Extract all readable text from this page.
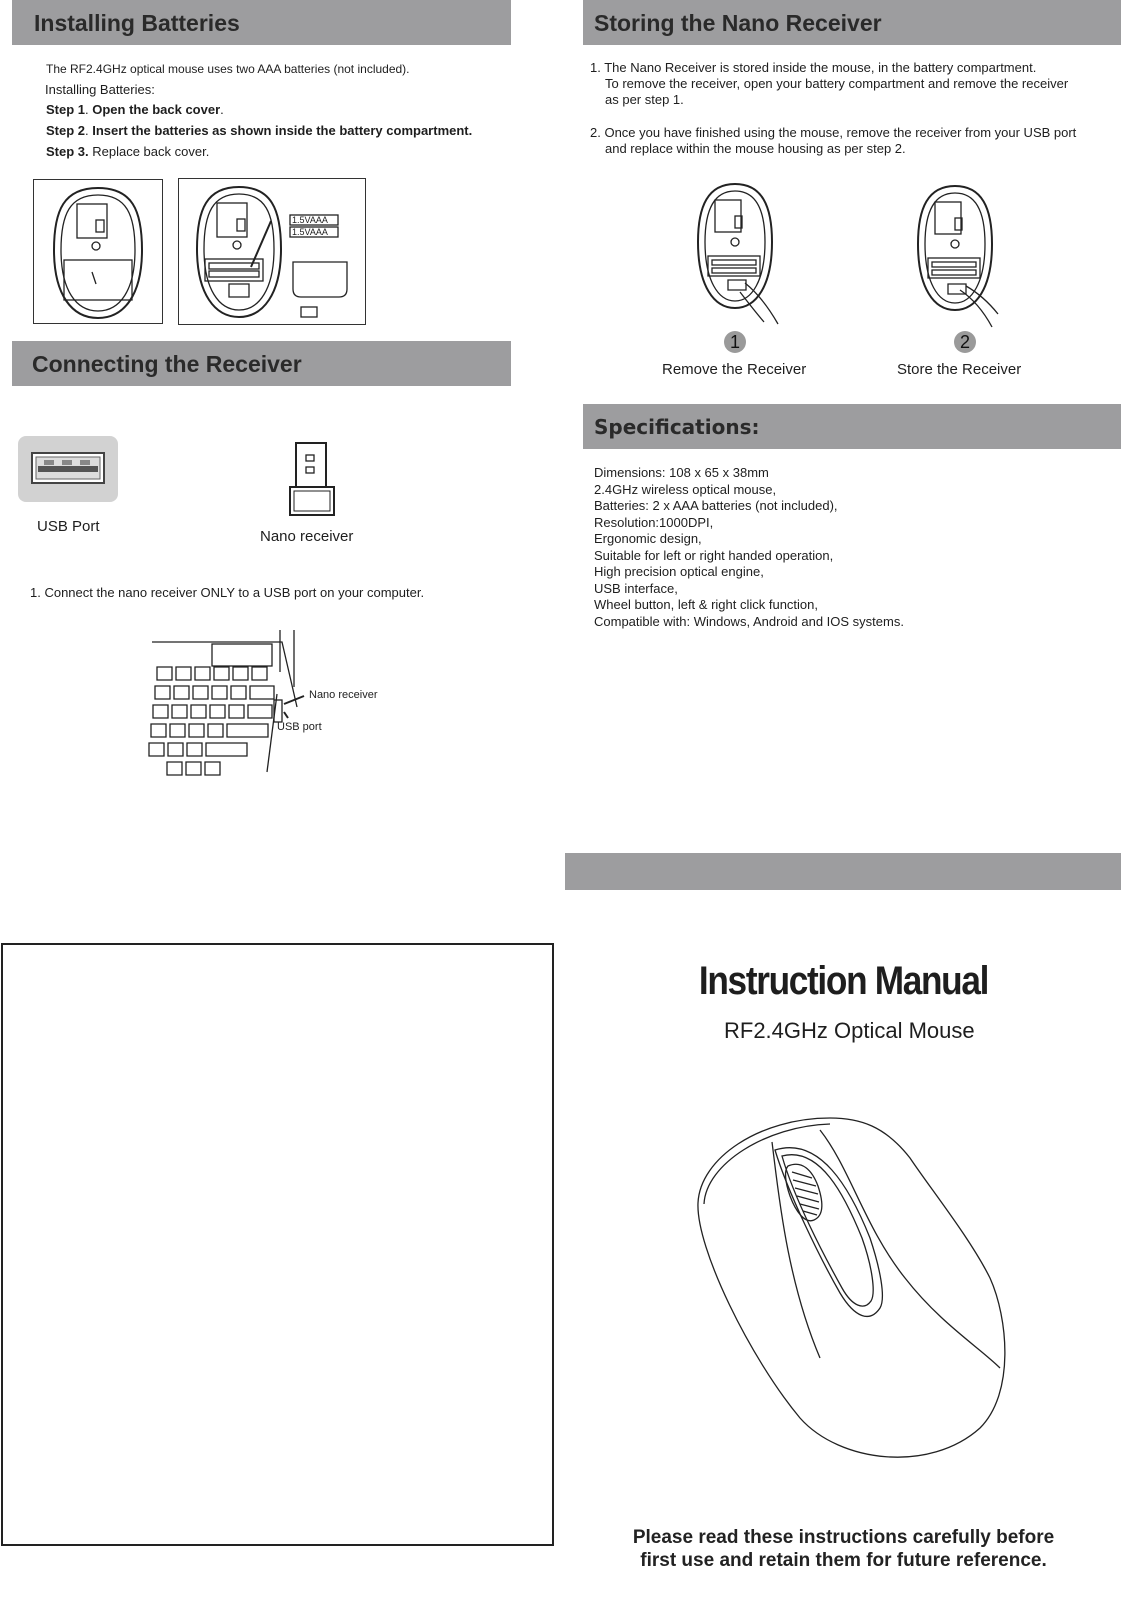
Installing Batteries
The RF2.4GHz optical mouse uses two AAA batteries (not included).
Installing Batteries:
Step 1. Open the back cover.
Step 2. Insert the batteries as shown inside the battery compartment.
Step 3. Replace back cover.
1.5VAAA
1.5VAAA
Connecting the Receiver
USB Port
Nano receiver
1. Connect the nano receiver ONLY to a USB port on your computer.
Nano receiver
USB port
Storing the Nano Receiver
1. The Nano Receiver is stored inside the mouse, in the battery compartment.
To remove the receiver, open your battery compartment and remove the receiver
as per step 1.
2. Once you have finished using the mouse, remove the receiver from your USB port
and replace within the mouse housing as per step 2.
1
Remove the Receiver
2
Store the Receiver
Specifications:
Dimensions: 108 x 65 x 38mm
2.4GHz wireless optical mouse,
Batteries: 2 x AAA batteries (not included),
Resolution:1000DPI,
Ergonomic design,
Suitable for left or right handed operation,
High precision optical engine,
USB interface,
Wheel button, left & right click function,
Compatible with: Windows, Android and IOS systems.
Instruction Manual
RF2.4GHz Optical Mouse
Please read these instructions carefully before
first use and retain them for future reference.
